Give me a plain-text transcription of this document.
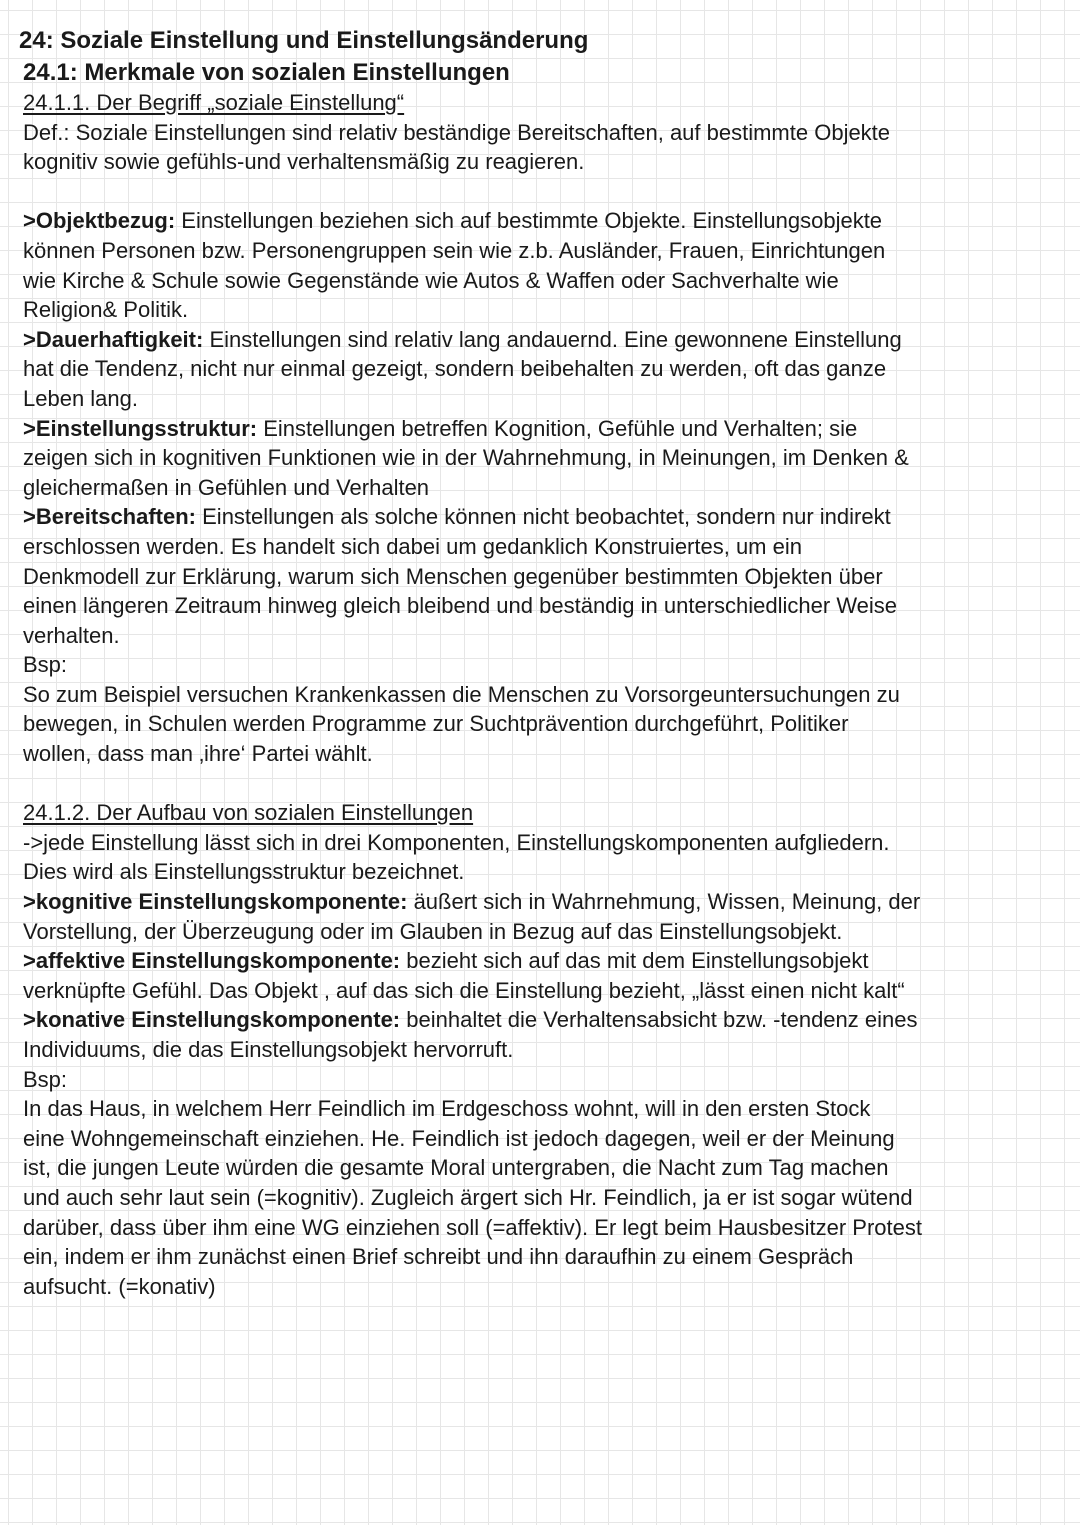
24: Soziale Einstellung und Einstellungsänderung

24.1: Merkmale von sozialen Einstellungen

24.1.1. Der Begriff „soziale Einstellung“

Def.: Soziale Einstellungen sind relativ beständige Bereitschaften, auf bestimmte Objekte

kognitiv sowie gefühls-und verhaltensmäßig zu reagieren.

>Objektbezug: Einstellungen beziehen sich auf bestimmte Objekte. Einstellungsobjekte

können Personen bzw. Personengruppen sein wie z.b. Ausländer, Frauen, Einrichtungen

wie Kirche & Schule sowie Gegenstände wie Autos & Waffen oder Sachverhalte wie

Religion& Politik.

>Dauerhaftigkeit: Einstellungen sind relativ lang andauernd. Eine gewonnene Einstellung

hat die Tendenz, nicht nur einmal gezeigt, sondern beibehalten zu werden, oft das ganze

Leben lang.

>Einstellungsstruktur: Einstellungen betreffen Kognition, Gefühle und Verhalten; sie

zeigen sich in kognitiven Funktionen wie in der Wahrnehmung, in Meinungen, im Denken &

gleichermaßen in Gefühlen und Verhalten

>Bereitschaften: Einstellungen als solche können nicht beobachtet, sondern nur indirekt

erschlossen werden. Es handelt sich dabei um gedanklich Konstruiertes, um ein

Denkmodell zur Erklärung, warum sich Menschen gegenüber bestimmten Objekten über

einen längeren Zeitraum hinweg gleich bleibend und beständig in unterschiedlicher Weise

verhalten.

Bsp:

So zum Beispiel versuchen Krankenkassen die Menschen zu Vorsorgeuntersuchungen zu

bewegen, in Schulen werden Programme zur Suchtprävention durchgeführt, Politiker

wollen, dass man ‚ihre‘ Partei wählt.

24.1.2. Der Aufbau von sozialen Einstellungen

->jede Einstellung lässt sich in drei Komponenten, Einstellungskomponenten aufgliedern.

Dies wird als Einstellungsstruktur bezeichnet.

>kognitive Einstellungskomponente: äußert sich in Wahrnehmung, Wissen, Meinung, der

Vorstellung, der Überzeugung oder im Glauben in Bezug auf das Einstellungsobjekt.

>affektive Einstellungskomponente: bezieht sich auf das mit dem Einstellungsobjekt

verknüpfte Gefühl. Das Objekt , auf das sich die Einstellung bezieht, „lässt einen nicht kalt“

>konative Einstellungskomponente: beinhaltet die Verhaltensabsicht bzw. -tendenz eines

Individuums, die das Einstellungsobjekt hervorruft.

Bsp:

In das Haus, in welchem Herr Feindlich im Erdgeschoss wohnt, will in den ersten Stock

eine Wohngemeinschaft einziehen. He. Feindlich ist jedoch dagegen, weil er der Meinung

ist, die jungen Leute würden die gesamte Moral untergraben, die Nacht zum Tag machen

und auch sehr laut sein (=kognitiv). Zugleich ärgert sich Hr. Feindlich, ja er ist sogar wütend

darüber, dass über ihm eine WG einziehen soll (=affektiv). Er legt beim Hausbesitzer Protest

ein, indem er ihm zunächst einen Brief schreibt und ihn daraufhin zu einem Gespräch

aufsucht. (=konativ)
